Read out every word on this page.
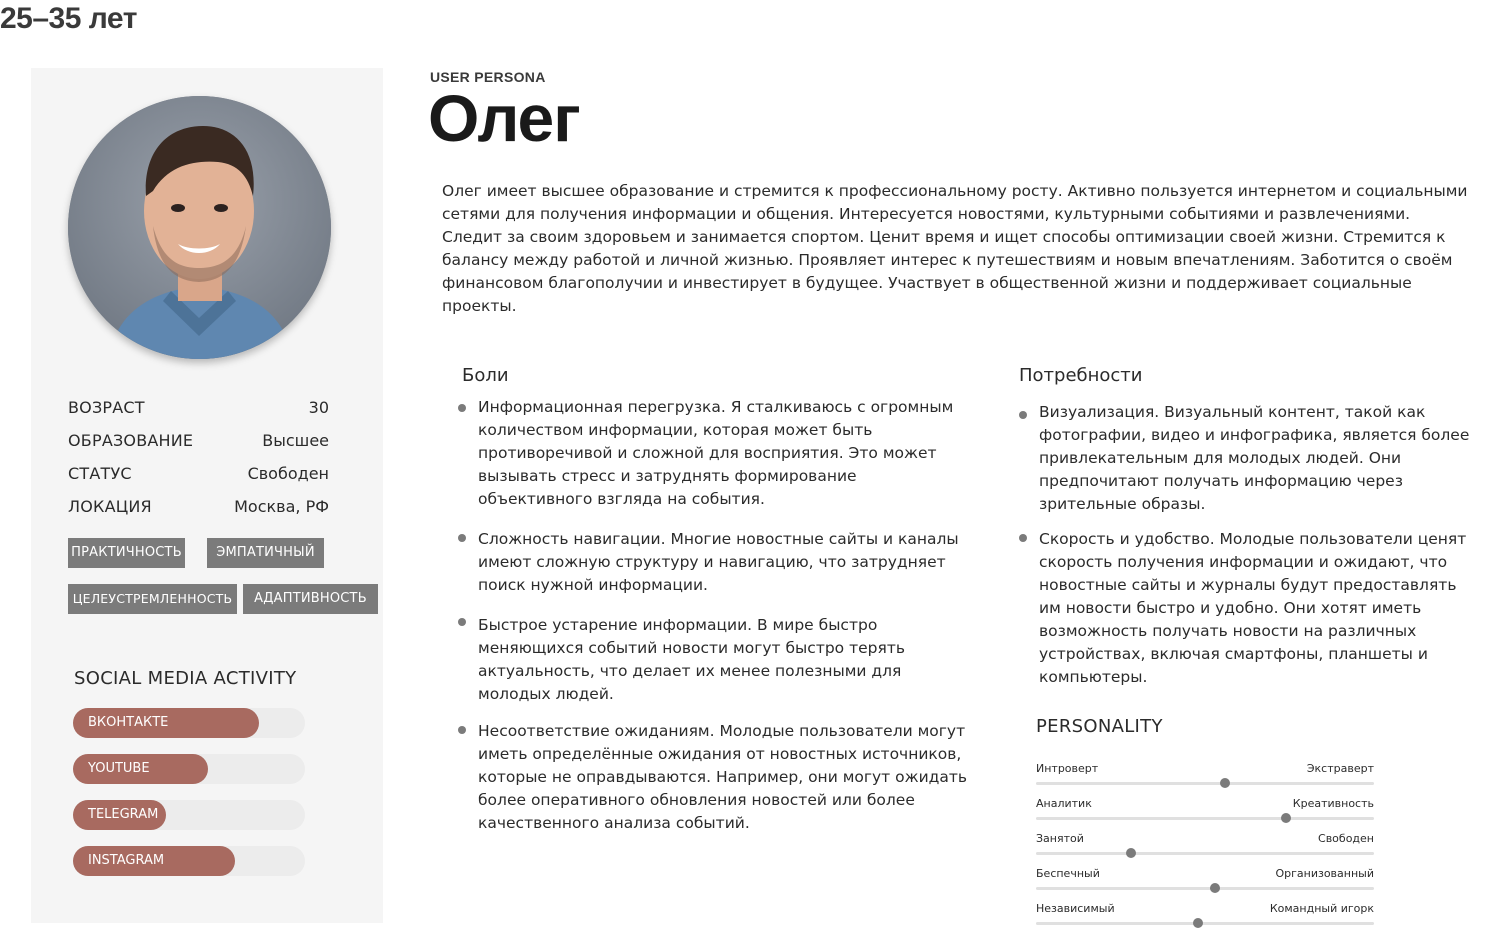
25–35 лет
ВОЗРАСТ	30
ОБРАЗОВАНИЕ	Высшее
СТАТУС	Свободен
ЛОКАЦИЯ	Москва, РФ
ПРАКТИЧНОСТЬ	ЭМПАТИЧНЫЙ
ЦЕЛЕУСТРЕМЛЕННОСТЬ	АДАПТИВНОСТЬ
SOCIAL MEDIA ACTIVITY
ВКОНТАКТЕ
YOUTUBE
TELEGRAM
INSTAGRAM
USER PERSONA
Олег
Олег имеет высшее образование и стремится к профессиональному росту. Активно пользуется интернетом и социальными сетями для получения информации и общения. Интересуется новостями, культурными событиями и развлечениями. Следит за своим здоровьем и занимается спортом. Ценит время и ищет способы оптимизации своей жизни. Стремится к балансу между работой и личной жизнью. Проявляет интерес к путешествиям и новым впечатлениям. Заботится о своём финансовом благополучии и инвестирует в будущее. Участвует в общественной жизни и поддерживает социальные проекты.
Боли
Информационная перегрузка. Я сталкиваюсь с огромным количеством информации, которая может быть противоречивой и сложной для восприятия. Это может вызывать стресс и затруднять формирование объективного взгляда на события.
Сложность навигации. Многие новостные сайты и каналы имеют сложную структуру и навигацию, что затрудняет поиск нужной информации.
Быстрое устарение информации. В мире быстро меняющихся событий новости могут быстро терять актуальность, что делает их менее полезными для молодых людей.
Несоответствие ожиданиям. Молодые пользователи могут иметь определённые ожидания от новостных источников, которые не оправдываются. Например, они могут ожидать более оперативного обновления новостей или более качественного анализа событий.
Потребности
Визуализация. Визуальный контент, такой как фотографии, видео и инфографика, является более привлекательным для молодых людей. Они предпочитают получать информацию через зрительные образы.
Скорость и удобство. Молодые пользователи ценят скорость получения информации и ожидают, что новостные сайты и журналы будут предоставлять им новости быстро и удобно. Они хотят иметь возможность получать новости на различных устройствах, включая смартфоны, планшеты и компьютеры.
PERSONALITY
Интроверт	Экстраверт
Аналитик	Креативность
Занятой	Свободен
Беспечный	Организованный
Независимый	Командный игорк
